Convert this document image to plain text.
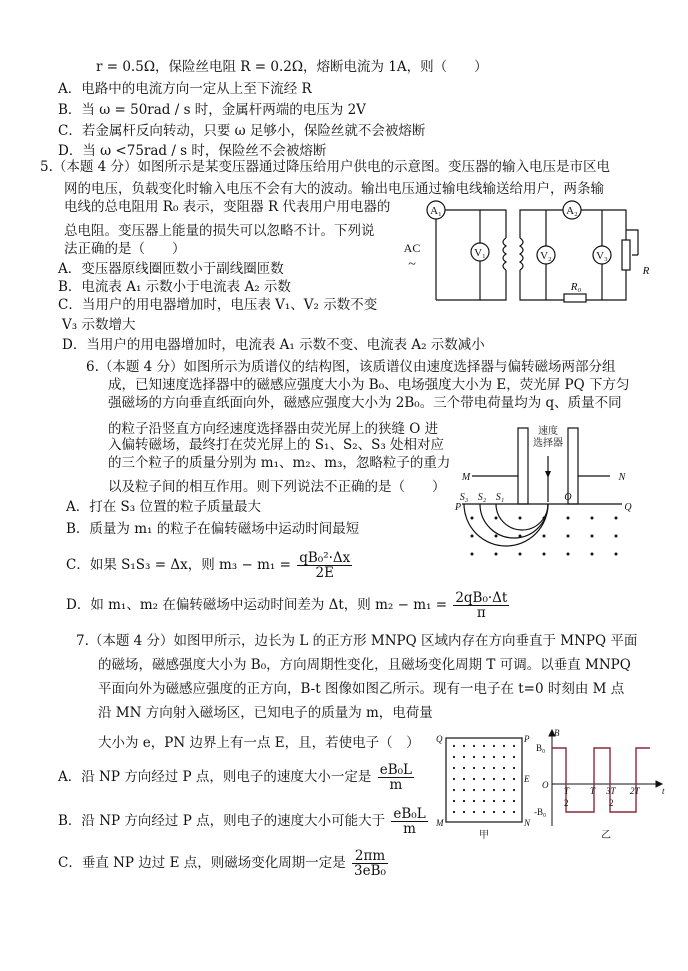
r = 0.5Ω，保险丝电阻 R = 0.2Ω，熔断电流为 1A，则（　　）
A．电路中的电流方向一定从上至下流经 R
B．当 ω = 50rad / s 时，金属杆两端的电压为 2V
C．若金属杆反向转动，只要 ω 足够小，保险丝就不会被熔断
D．当 ω <75rad / s 时，保险丝不会被熔断
5.（本题 4 分）如图所示是某变压器通过降压给用户供电的示意图。变压器的输入电压是市区电
网的电压，负载变化时输入电压不会有大的波动。输出电压通过输电线输送给用户，两条输
电线的总电阻用 R₀ 表示，变阻器 R 代表用户用电器的
总电阻。变压器上能量的损失可以忽略不计。下列说
法正确的是（　　）
A．变压器原线圈匝数小于副线圈匝数
B．电流表 A₁ 示数小于电流表 A₂ 示数
C．当用户的用电器增加时，电压表 V₁、V₂ 示数不变
V₃ 示数增大
D．当用户的用电器增加时，电流表 A₁ 示数不变、电流表 A₂ 示数减小
A₁
V₁
A₂
V₂	V₃
AC
~
R₀
R
6.（本题 4 分）如图所示为质谱仪的结构图，该质谱仪由速度选择器与偏转磁场两部分组
成，已知速度选择器中的磁感应强度大小为 B₀、电场强度大小为 E，荧光屏 PQ 下方匀
强磁场的方向垂直纸面向外，磁感应强度大小为 2B₀。三个带电荷量均为 q、质量不同
的粒子沿竖直方向经速度选择器由荧光屏上的狭缝 O 进
入偏转磁场，最终打在荧光屏上的 S₁、S₂、S₃ 处相对应
的三个粒子的质量分别为 m₁、m₂、m₃，忽略粒子的重力
以及粒子间的相互作用。则下列说法不正确的是（　　）
A．打在 S₃ 位置的粒子质量最大
B．质量为 m₁ 的粒子在偏转磁场中运动时间最短
C．如果 S₁S₃ = Δx，则 $m_3 - m_1 = \frac{\text{qB₀²·Δx}}{2E}$
D．如 m₁、m₂ 在偏转磁场中运动时间差为 Δt，则 $m_2 - m_1 = \frac{\text{2qB₀·Δt}}{\pi}$
速度
选择器
M	N
P	Q
O
S₃ S₂ S₁
7.（本题 4 分）如图甲所示，边长为 L 的正方形 MNPQ 区域内存在方向垂直于 MNPQ 平面
的磁场，磁感强度大小为 B₀，方向周期性变化，且磁场变化周期 T 可调。以垂直 MNPQ
平面向外为磁感应强度的正方向，B-t 图像如图乙所示。现有一电子在 t=0 时刻由 M 点
沿 MN 方向射入磁场区，已知电子的质量为 m，电荷量
大小为 e，PN 边界上有一点 E，且，若使电子（　）
A．沿 NP 方向经过 P 点，则电子的速度大小一定是 $\frac{\text{eB₀L}}{m}$
B．沿 NP 方向经过 P 点，则电子的速度大小可能大于 $\frac{\text{eB₀L}}{m}$
C．垂直 NP 边过 E 点，则磁场变化周期一定是 $\frac{2\pi m}{\text{3eB₀}}$
Q	P
M	N
E
甲
B
B₀
-B₀
O
t
T
2
T 3T
2
2T
乙
